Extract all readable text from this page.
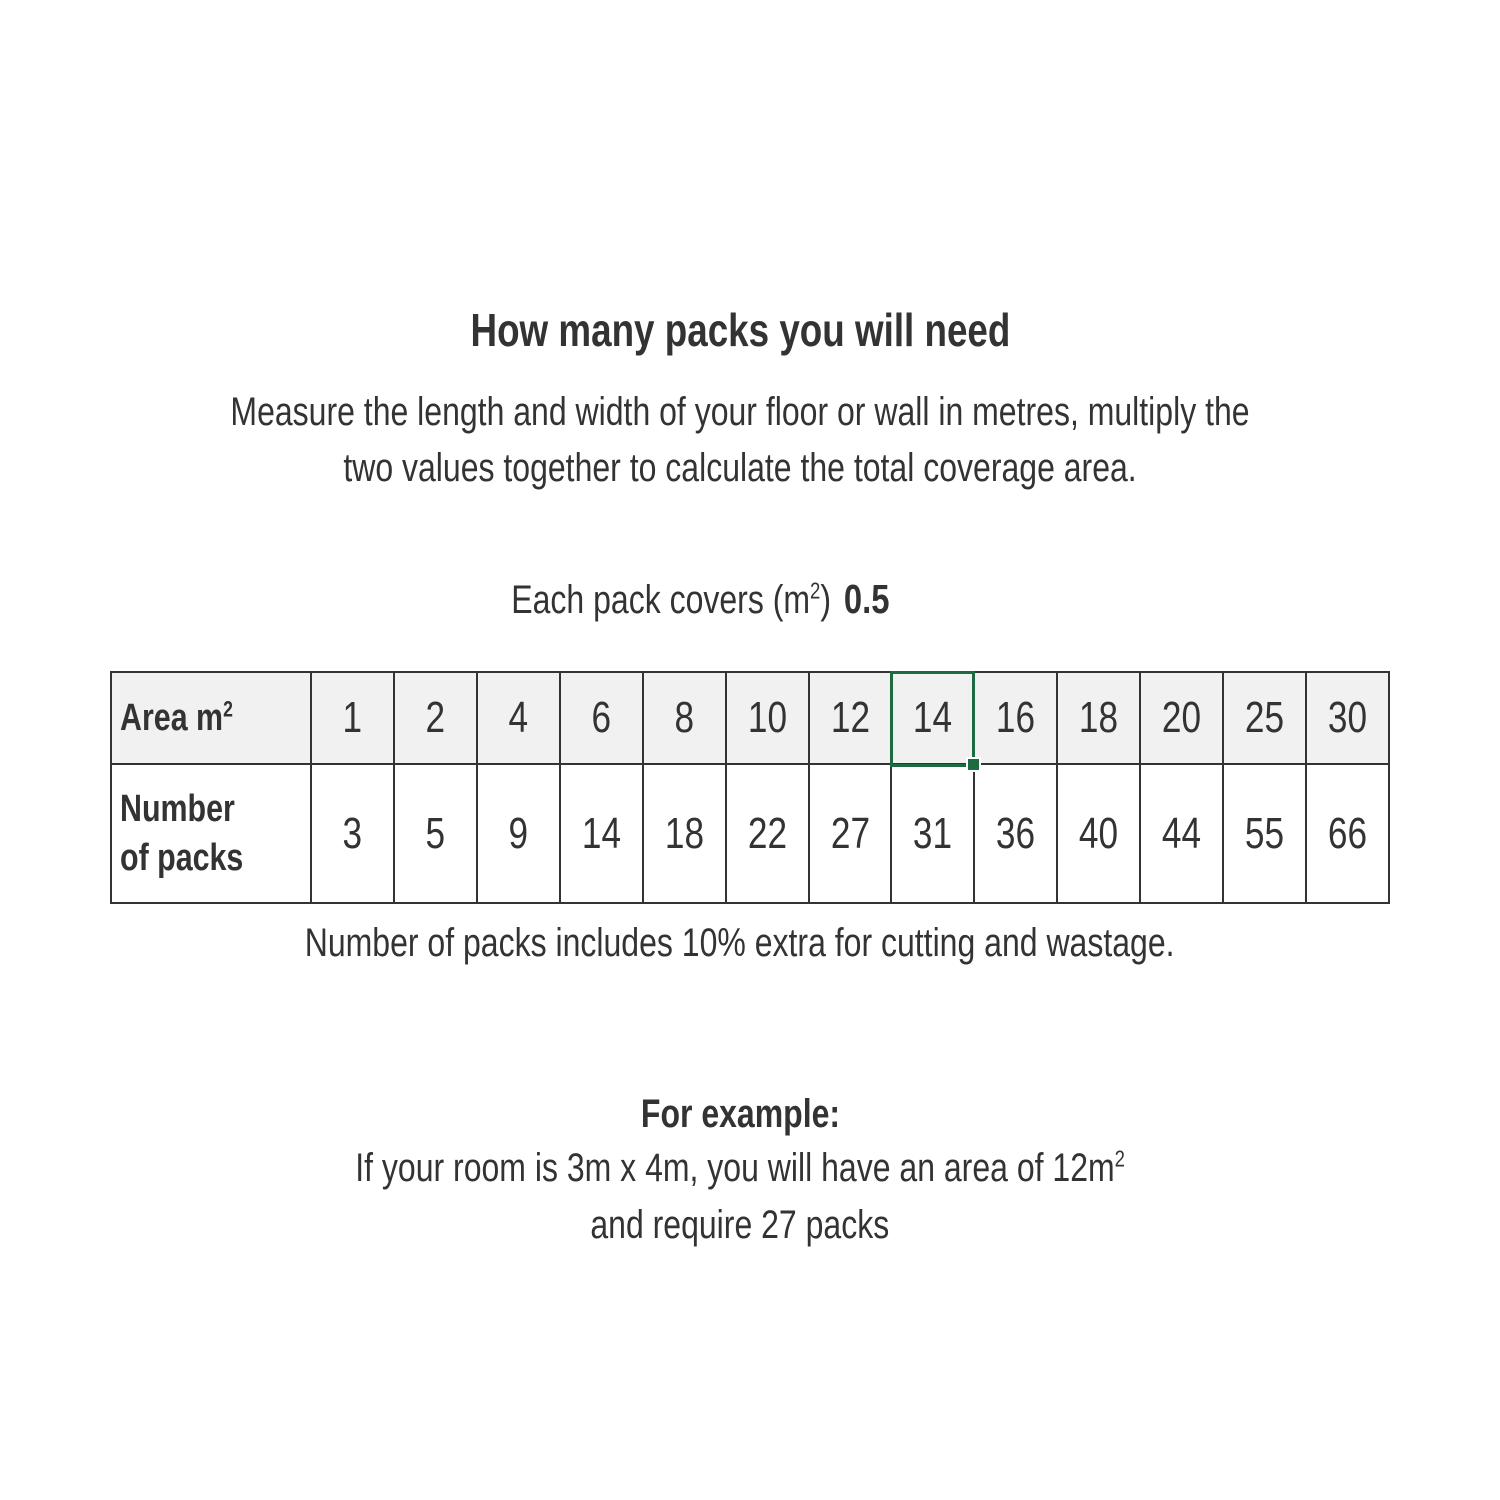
How many packs you will need
Measure the length and width of your floor or wall in metres, multiply the
two values together to calculate the total coverage area.
Each pack covers $(m^2)$ 0.5
Area $m^2$	1	2	4	6	8	10	12	14	16	18	20	25	30
Number of packs	3	5	9	14	18	22	27	31	36	40	44	55	66
Number of packs includes 10% extra for cutting and wastage.
For example:
If your room is 3m x 4m, you will have an area of $12m^2$
and require 27 packs
